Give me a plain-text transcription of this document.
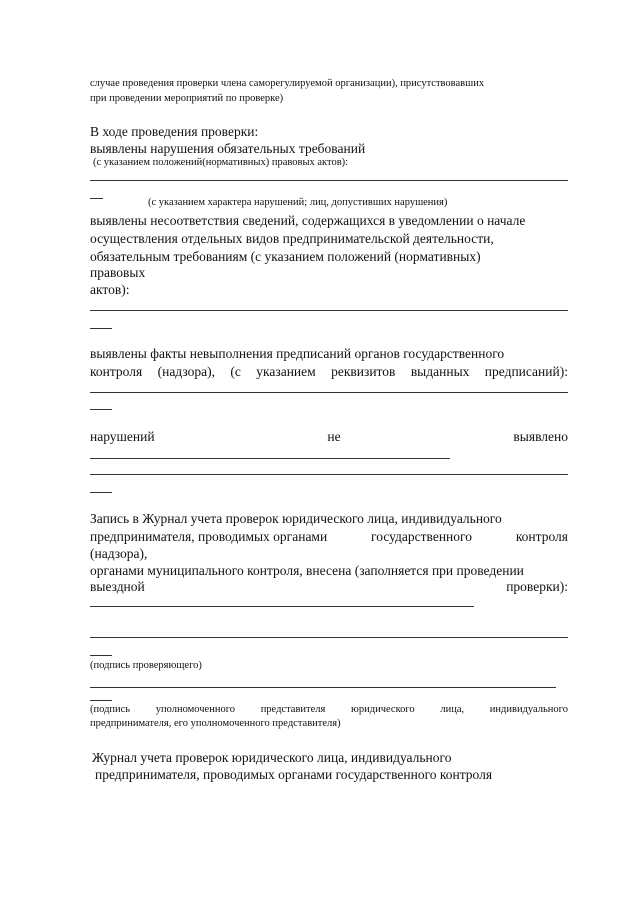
случае проведения проверки члена саморегулируемой организации), присутствовавших
при проведении мероприятий по проверке)
В ходе проведения проверки:
выявлены нарушения обязательных требований
(с указанием положений(нормативных) правовых актов):
(с указанием характера нарушений; лиц, допустивших нарушения)
выявлены несоответствия сведений, содержащихся в уведомлении о начале
осуществления отдельных видов предпринимательской деятельности,
обязательным требованиям (с указанием положений (нормативных)
правовых
актов):
выявлены факты невыполнения предписаний органов государственного
контроля (надзора), (с указанием реквизитов выданных предписаний):
нарушений	не	выявлено
Запись в Журнал учета проверок юридического лица, индивидуального
предпринимателя, проводимых органами	государственного	контроля
(надзора),
органами муниципального контроля, внесена (заполняется при проведении
выездной	проверки):
(подпись проверяющего)
(подпись уполномоченного представителя юридического лица, индивидуального
предпринимателя, его уполномоченного представителя)
Журнал учета проверок юридического лица, индивидуального
предпринимателя, проводимых органами государственного контроля
